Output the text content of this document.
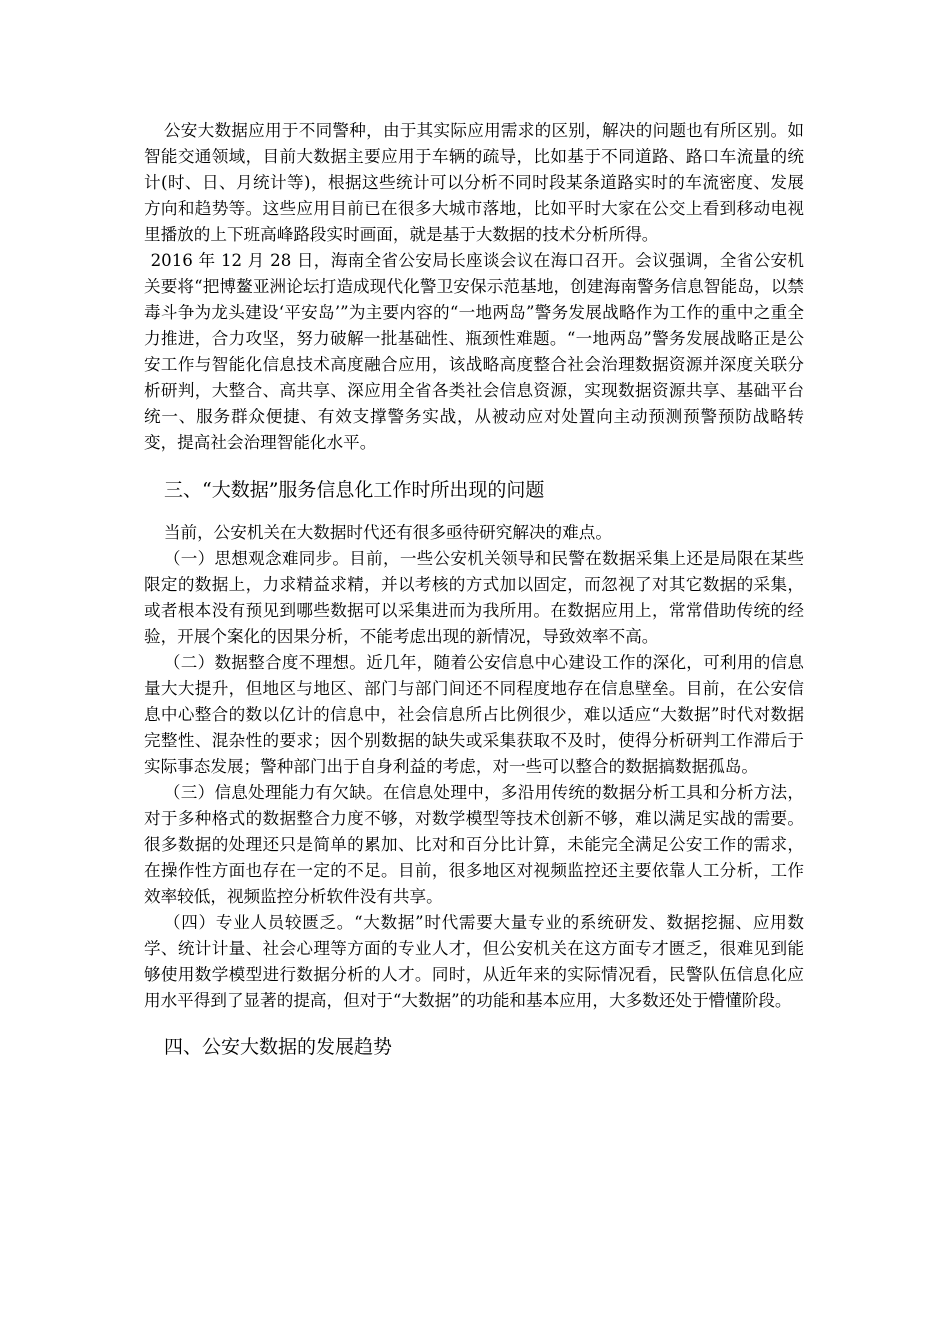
公安大数据应用于不同警种，由于其实际应用需求的区别，解决的问题也有所区别。如智能交通领域，目前大数据主要应用于车辆的疏导，比如基于不同道路、路口车流量的统计(时、日、月统计等)，根据这些统计可以分析不同时段某条道路实时的车流密度、发展方向和趋势等。这些应用目前已在很多大城市落地，比如平时大家在公交上看到移动电视里播放的上下班高峰路段实时画面，就是基于大数据的技术分析所得。

2016 年 12 月 28 日，海南全省公安局长座谈会议在海口召开。会议强调，全省公安机关要将“把博鳌亚洲论坛打造成现代化警卫安保示范基地，创建海南警务信息智能岛，以禁毒斗争为龙头建设‘平安岛’”为主要内容的“一地两岛”警务发展战略作为工作的重中之重全力推进，合力攻坚，努力破解一批基础性、瓶颈性难题。“一地两岛”警务发展战略正是公安工作与智能化信息技术高度融合应用，该战略高度整合社会治理数据资源并深度关联分析研判，大整合、高共享、深应用全省各类社会信息资源，实现数据资源共享、基础平台统一、服务群众便捷、有效支撑警务实战，从被动应对处置向主动预测预警预防战略转变，提高社会治理智能化水平。

三、“大数据”服务信息化工作时所出现的问题

当前，公安机关在大数据时代还有很多亟待研究解决的难点。

（一）思想观念难同步。目前，一些公安机关领导和民警在数据采集上还是局限在某些限定的数据上，力求精益求精，并以考核的方式加以固定，而忽视了对其它数据的采集，或者根本没有预见到哪些数据可以采集进而为我所用。在数据应用上，常常借助传统的经验，开展个案化的因果分析，不能考虑出现的新情况，导致效率不高。

（二）数据整合度不理想。近几年，随着公安信息中心建设工作的深化，可利用的信息量大大提升，但地区与地区、部门与部门间还不同程度地存在信息壁垒。目前，在公安信息中心整合的数以亿计的信息中，社会信息所占比例很少，难以适应“大数据”时代对数据完整性、混杂性的要求；因个别数据的缺失或采集获取不及时，使得分析研判工作滞后于实际事态发展；警种部门出于自身利益的考虑，对一些可以整合的数据搞数据孤岛。

（三）信息处理能力有欠缺。在信息处理中，多沿用传统的数据分析工具和分析方法，对于多种格式的数据整合力度不够，对数学模型等技术创新不够，难以满足实战的需要。很多数据的处理还只是简单的累加、比对和百分比计算，未能完全满足公安工作的需求，在操作性方面也存在一定的不足。目前，很多地区对视频监控还主要依靠人工分析，工作效率较低，视频监控分析软件没有共享。

（四）专业人员较匮乏。“大数据”时代需要大量专业的系统研发、数据挖掘、应用数学、统计计量、社会心理等方面的专业人才，但公安机关在这方面专才匮乏，很难见到能够使用数学模型进行数据分析的人才。同时，从近年来的实际情况看，民警队伍信息化应用水平得到了显著的提高，但对于“大数据”的功能和基本应用，大多数还处于懵懂阶段。

四、公安大数据的发展趋势
